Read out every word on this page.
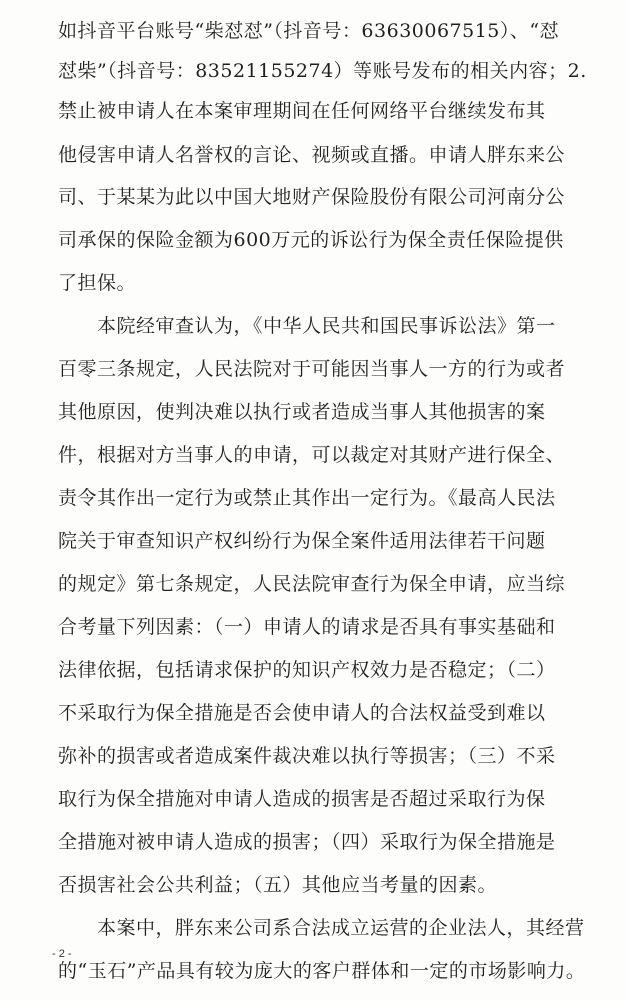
如抖音平台账号“柴怼怼”（抖音号：63630067515）、“怼
怼柴”（抖音号：83521155274）等账号发布的相关内容；2.
禁止被申请人在本案审理期间在任何网络平台继续发布其
他侵害申请人名誉权的言论、视频或直播。申请人胖东来公
司、于某某为此以中国大地财产保险股份有限公司河南分公
司承保的保险金额为600万元的诉讼行为保全责任保险提供
了担保。
　　本院经审查认为，《中华人民共和国民事诉讼法》第一
百零三条规定，人民法院对于可能因当事人一方的行为或者
其他原因，使判决难以执行或者造成当事人其他损害的案
件，根据对方当事人的申请，可以裁定对其财产进行保全、
责令其作出一定行为或禁止其作出一定行为。《最高人民法
院关于审查知识产权纠纷行为保全案件适用法律若干问题
的规定》第七条规定，人民法院审查行为保全申请，应当综
合考量下列因素：（一）申请人的请求是否具有事实基础和
法律依据，包括请求保护的知识产权效力是否稳定；（二）
不采取行为保全措施是否会使申请人的合法权益受到难以
弥补的损害或者造成案件裁决难以执行等损害；（三）不采
取行为保全措施对申请人造成的损害是否超过采取行为保
全措施对被申请人造成的损害；（四）采取行为保全措施是
否损害社会公共利益；（五）其他应当考量的因素。
　　本案中，胖东来公司系合法成立运营的企业法人，其经营
的“玉石”产品具有较为庞大的客户群体和一定的市场影响力。
- 2 -
